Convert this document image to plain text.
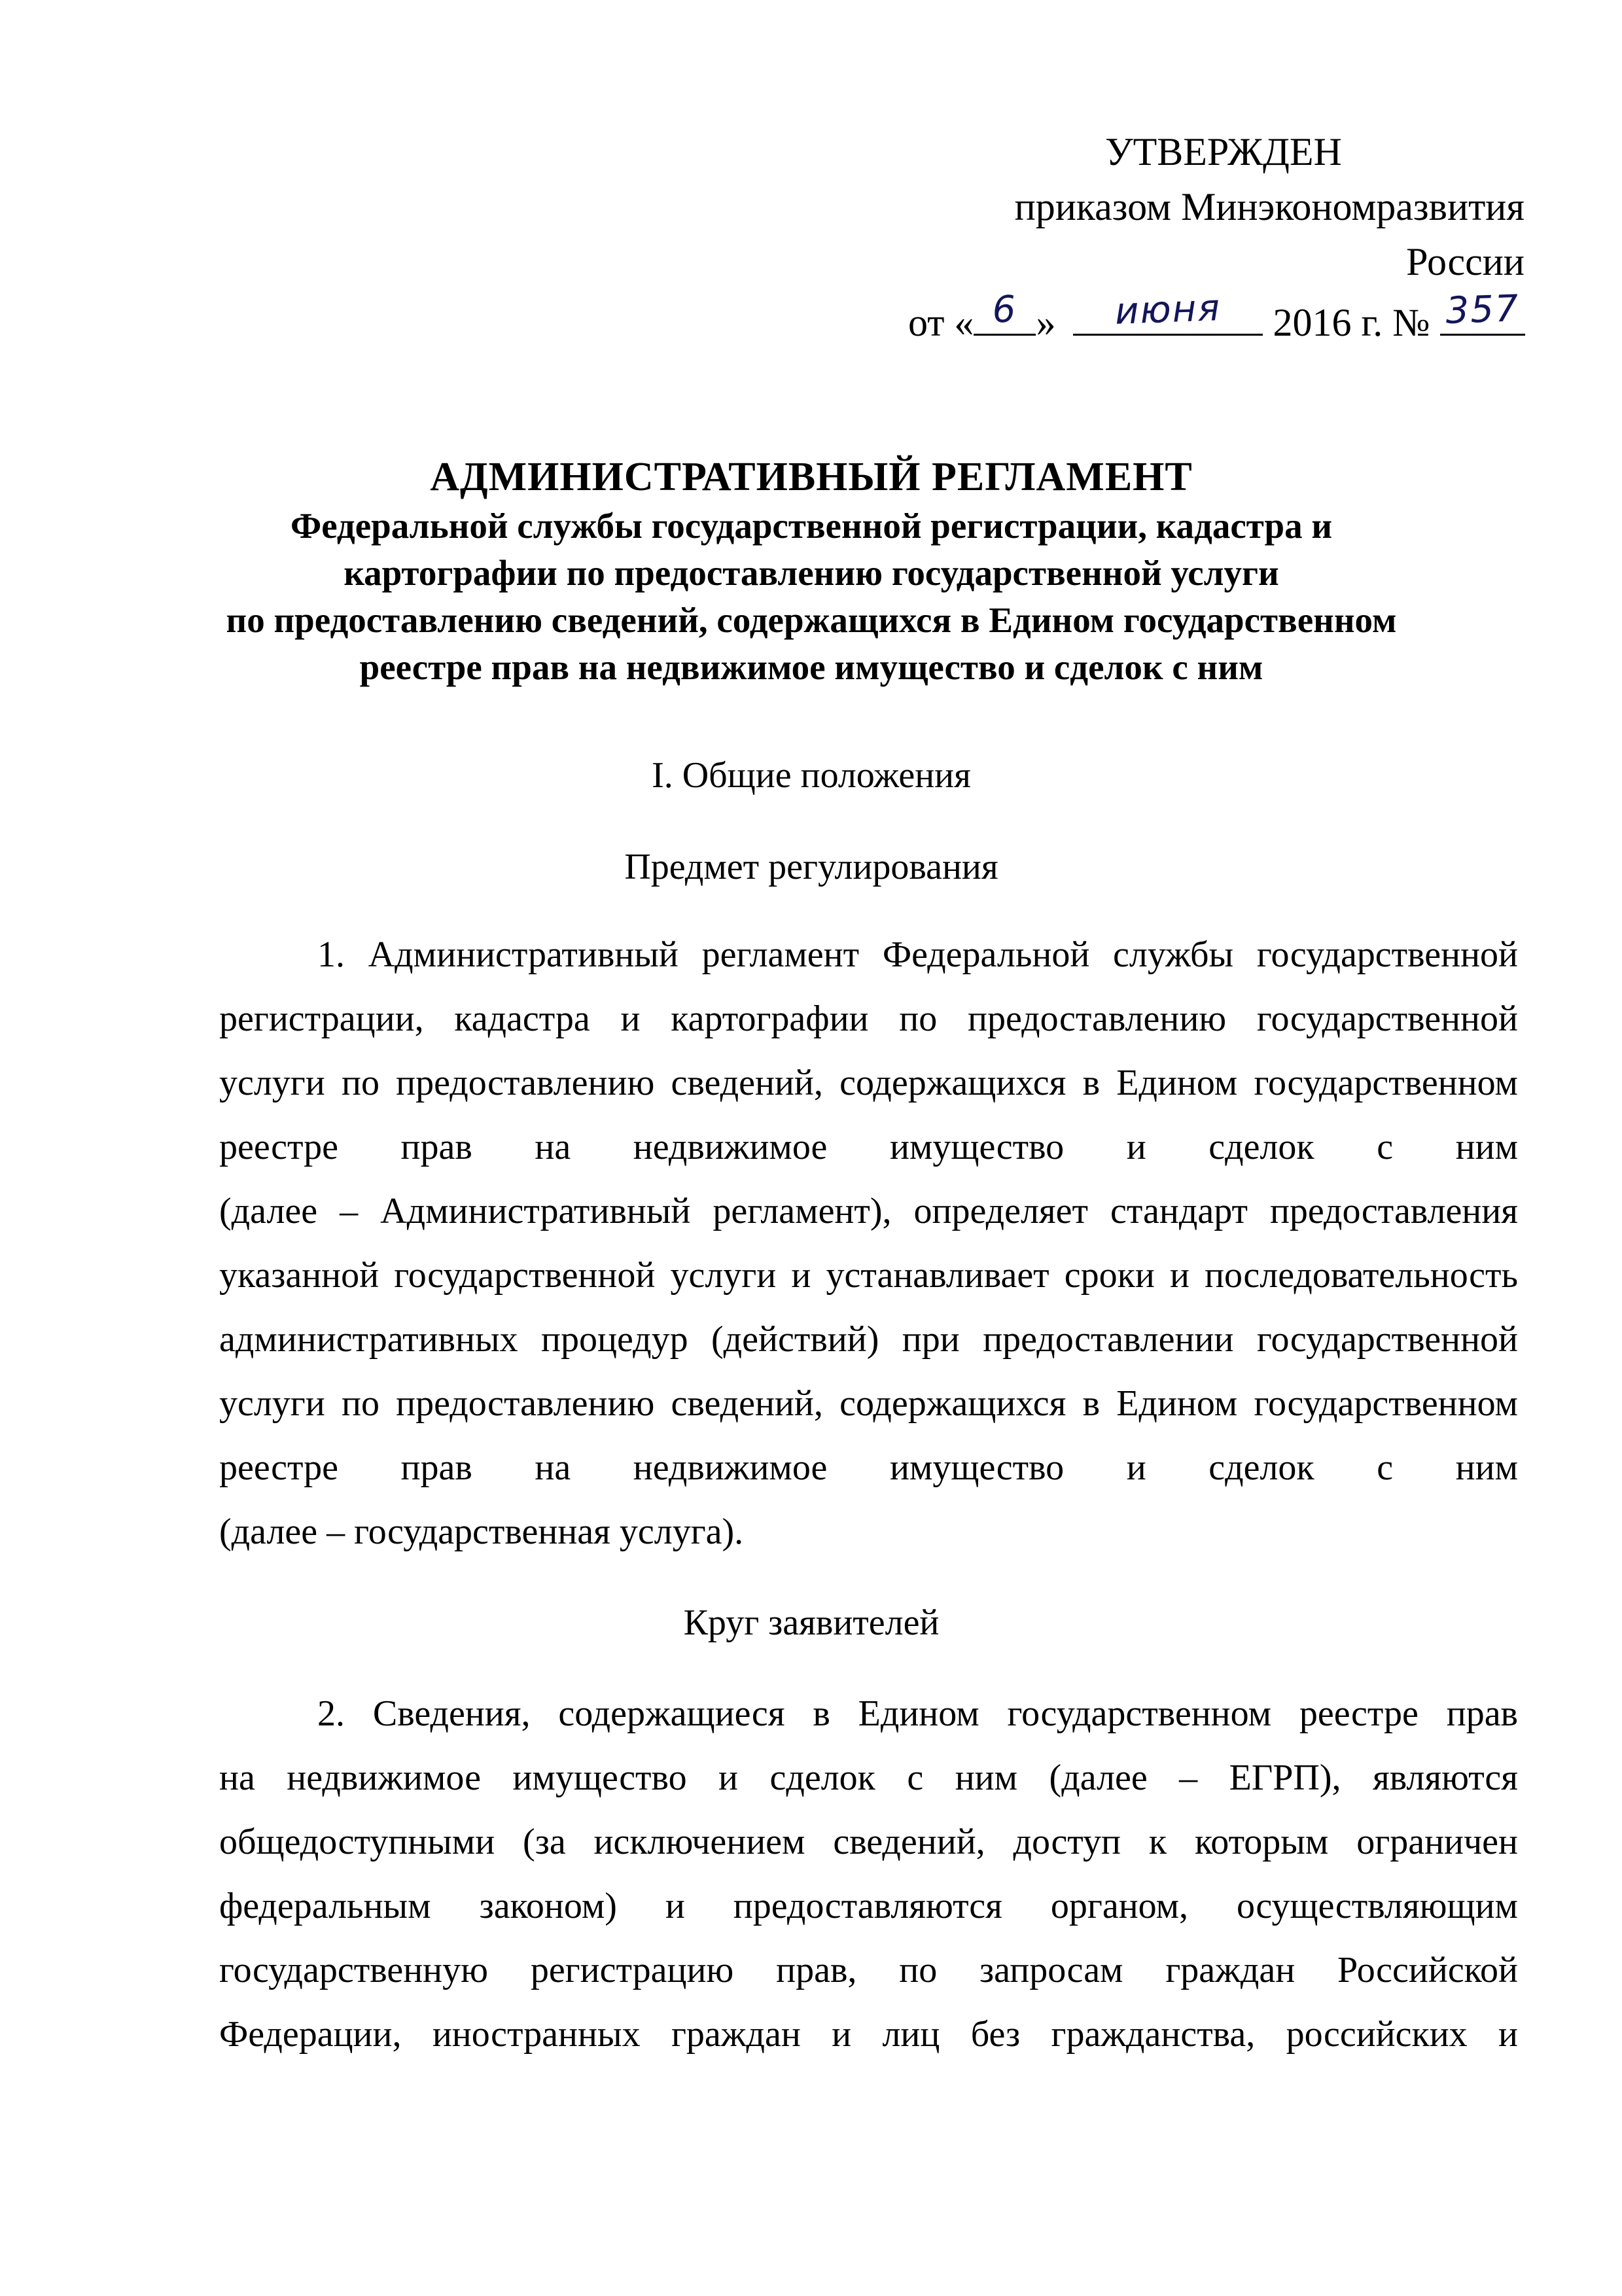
УТВЕРЖДЕН
приказом Минэкономразвития России
от « 6 »	июня	2016 г. № 357
АДМИНИСТРАТИВНЫЙ РЕГЛАМЕНТ
Федеральной службы государственной регистрации, кадастра и
картографии по предоставлению государственной услуги
по предоставлению сведений, содержащихся в Едином государственном
реестре прав на недвижимое имущество и сделок с ним
I. Общие положения
Предмет регулирования
1. Административный регламент Федеральной службы государственной
регистрации, кадастра и картографии по предоставлению государственной
услуги по предоставлению сведений, содержащихся в Едином государственном
реестре прав на недвижимое имущество и сделок с ним
(далее – Административный регламент), определяет стандарт предоставления
указанной государственной услуги и устанавливает сроки и последовательность
административных процедур (действий) при предоставлении государственной
услуги по предоставлению сведений, содержащихся в Едином государственном
реестре прав на недвижимое имущество и сделок с ним
(далее – государственная услуга).
Круг заявителей
2. Сведения, содержащиеся в Едином государственном реестре прав
на недвижимое имущество и сделок с ним (далее – ЕГРП), являются
общедоступными (за исключением сведений, доступ к которым ограничен
федеральным законом) и предоставляются органом, осуществляющим
государственную регистрацию прав, по запросам граждан Российской
Федерации, иностранных граждан и лиц без гражданства, российских и
